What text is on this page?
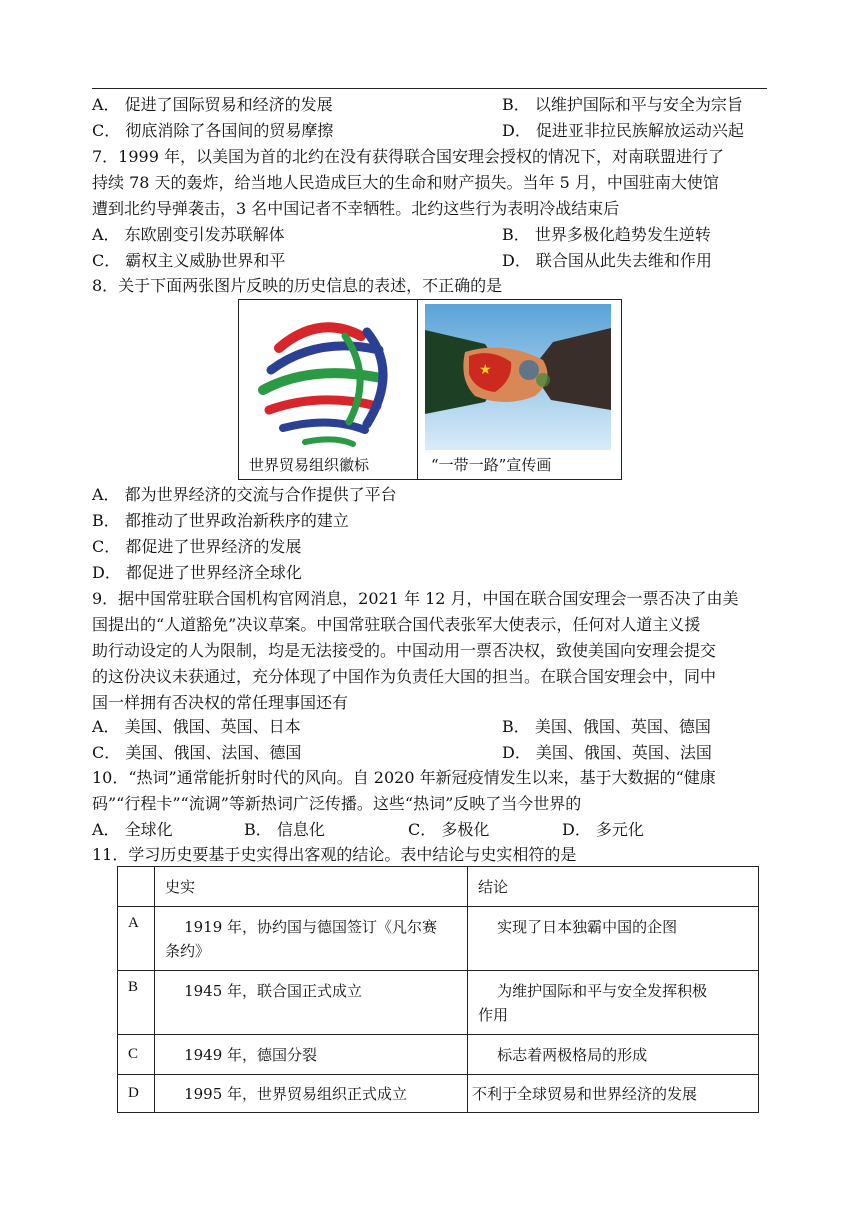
A． 促进了国际贸易和经济的发展	B． 以维护国际和平与安全为宗旨
C． 彻底消除了各国间的贸易摩擦	D． 促进亚非拉民族解放运动兴起
7．1999 年，以美国为首的北约在没有获得联合国安理会授权的情况下，对南联盟进行了
持续 78 天的轰炸，给当地人民造成巨大的生命和财产损失。当年 5 月，中国驻南大使馆
遭到北约导弹袭击，3 名中国记者不幸牺牲。北约这些行为表明冷战结束后
A． 东欧剧变引发苏联解体	B． 世界多极化趋势发生逆转
C． 霸权主义威胁世界和平	D． 联合国从此失去维和作用
8．关于下面两张图片反映的历史信息的表述，不正确的是
★
世界贸易组织徽标	“一带一路”宣传画
A． 都为世界经济的交流与合作提供了平台
B． 都推动了世界政治新秩序的建立
C． 都促进了世界经济的发展
D． 都促进了世界经济全球化
9．据中国常驻联合国机构官网消息，2021 年 12 月，中国在联合国安理会一票否决了由美
国提出的“人道豁免”决议草案。中国常驻联合国代表张军大使表示，任何对人道主义援
助行动设定的人为限制，均是无法接受的。中国动用一票否决权，致使美国向安理会提交
的这份决议未获通过，充分体现了中国作为负责任大国的担当。在联合国安理会中，同中
国一样拥有否决权的常任理事国还有
A． 美国、俄国、英国、日本	B． 美国、俄国、英国、德国
C． 美国、俄国、法国、德国	D． 美国、俄国、英国、法国
10．“热词”通常能折射时代的风向。自 2020 年新冠疫情发生以来，基于大数据的“健康
码”“行程卡”“流调”等新热词广泛传播。这些“热词”反映了当今世界的
A． 全球化	B． 信息化	C． 多极化	D． 多元化
11．学习历史要基于史实得出客观的结论。表中结论与史实相符的是
	史实	结论
A	1919 年，协约国与德国签订《凡尔赛
条约》	实现了日本独霸中国的企图

B	1945 年，联合国正式成立	为维护国际和平与安全发挥积极
作用

C	1949 年，德国分裂	标志着两极格局的形成

D	1995 年，世界贸易组织正式成立	不利于全球贸易和世界经济的发展
